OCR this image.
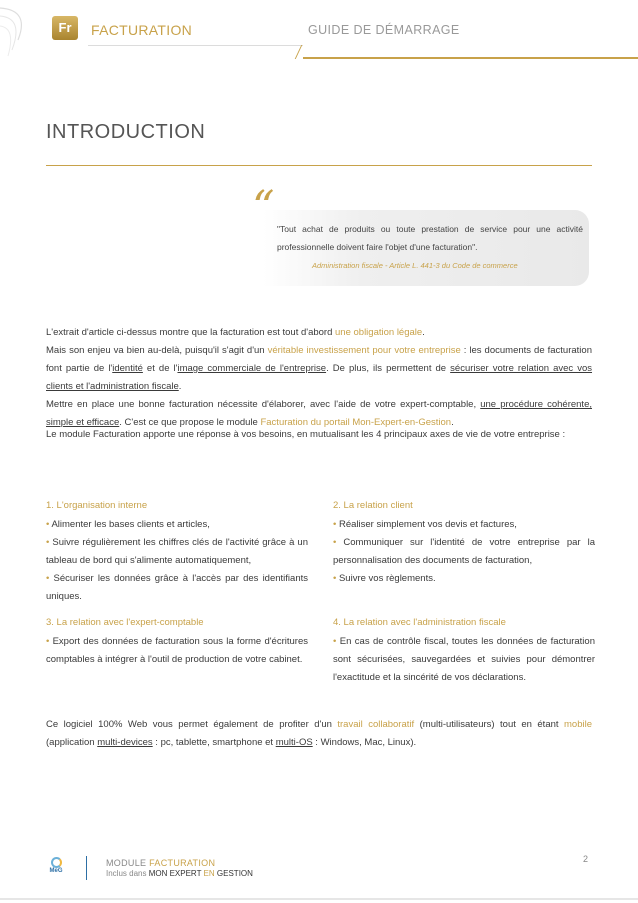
Fr	FACTURATION	GUIDE DE DÉMARRAGE
INTRODUCTION
“ "Tout achat de produits ou toute prestation de service pour une activité professionnelle doivent faire l'objet d'une facturation".
Administration fiscale - Article L. 441-3 du Code de commerce
L'extrait d'article ci-dessus montre que la facturation est tout d'abord une obligation légale.
Mais son enjeu va bien au-delà, puisqu'il s'agit d'un véritable investissement pour votre entreprise : les documents de facturation font partie de l'identité et de l'image commerciale de l'entreprise. De plus, ils permettent de sécuriser votre relation avec vos clients et l'administration fiscale.
Mettre en place une bonne facturation nécessite d'élaborer, avec l'aide de votre expert-comptable, une procédure cohérente, simple et efficace. C'est ce que propose le module Facturation du portail Mon-Expert-en-Gestion.
Le module Facturation apporte une réponse à vos besoins, en mutualisant les 4 principaux axes de vie de votre entreprise :
1. L'organisation interne
• Alimenter les bases clients et articles,
• Suivre régulièrement les chiffres clés de l'activité grâce à un tableau de bord qui s'alimente automatiquement,
• Sécuriser les données grâce à l'accès par des identifiants uniques.
2. La relation client
• Réaliser simplement vos devis et factures,
• Communiquer sur l'identité de votre entreprise par la personnalisation des documents de facturation,
• Suivre vos règlements.
3. La relation avec l'expert-comptable
• Export des données de facturation sous la forme d'écritures comptables à intégrer à l'outil de production de votre cabinet.
4. La relation avec l'administration fiscale
• En cas de contrôle fiscal, toutes les données de facturation sont sécurisées, sauvegardées et suivies pour démontrer l'exactitude et la sincérité de vos déclarations.
Ce logiciel 100% Web vous permet également de profiter d'un travail collaboratif (multi-utilisateurs) tout en étant mobile (application multi-devices : pc, tablette, smartphone et multi-OS : Windows, Mac, Linux).
MeG
MODULE FACTURATION
Inclus dans MON EXPERT EN GESTION
2
